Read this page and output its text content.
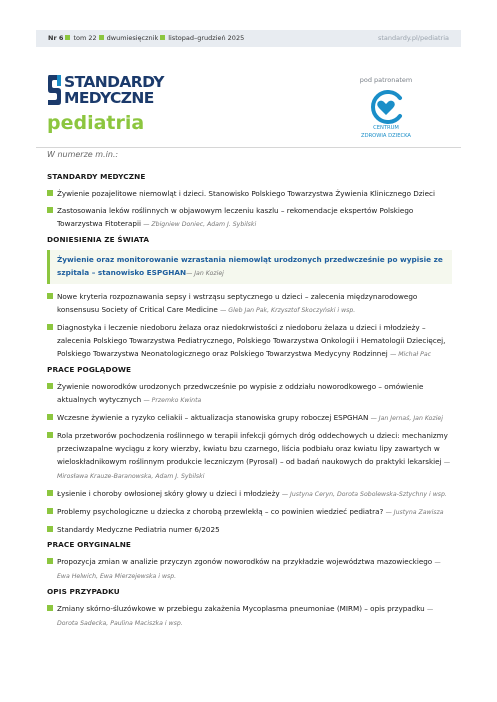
Nr 6 tom 22 dwumiesięcznik listopad–grudzień 2025	standardy.pl/pediatria
STANDARDY
MEDYCZNE
pediatria
pod patronatem
CENTRUM
ZDROWIA DZIECKA
W numerze m.in.:
STANDARDY MEDYCZNE
Żywienie pozajelitowe niemowląt i dzieci. Stanowisko Polskiego Towarzystwa Żywienia Klinicznego Dzieci
Zastosowania leków roślinnych w objawowym leczeniu kaszlu – rekomendacje ekspertów Polskiego Towarzystwa Fitoterapii — Zbigniew Doniec, Adam J. Sybilski
DONIESIENIA ZE ŚWIATA
Żywienie oraz monitorowanie wzrastania niemowląt urodzonych przedwcześnie po wypisie ze szpitala – stanowisko ESPGHAN— Jan Koziej
Nowe kryteria rozpoznawania sepsy i wstrząsu septycznego u dzieci – zalecenia międzynarodowego konsensusu Society of Critical Care Medicine — Gleb Jan Pak, Krzysztof Skoczyński i wsp.
Diagnostyka i leczenie niedoboru żelaza oraz niedokrwistości z niedoboru żelaza u dzieci i młodzieży – zalecenia Polskiego Towarzystwa Pediatrycznego, Polskiego Towarzystwa Onkologii i Hematologii Dziecięcej, Polskiego Towarzystwa Neonatologicznego oraz Polskiego Towarzystwa Medycyny Rodzinnej — Michał Pac
PRACE POGLĄDOWE
Żywienie noworodków urodzonych przedwcześnie po wypisie z oddziału noworodkowego – omówienie aktualnych wytycznych — Przemko Kwinta
Wczesne żywienie a ryzyko celiakii – aktualizacja stanowiska grupy roboczej ESPGHAN — Jan Jernaś, Jan Koziej
Rola przetworów pochodzenia roślinnego w terapii infekcji górnych dróg oddechowych u dzieci: mechanizmy przeciwzapalne wyciągu z kory wierzby, kwiatu bzu czarnego, liścia podbiału oraz kwiatu lipy zawartych w wieloskładnikowym roślinnym produkcie leczniczym (Pyrosal) – od badań naukowych do praktyki lekarskiej — Mirosława Krauze-Baranowska, Adam J. Sybilski
Łysienie i choroby owłosionej skóry głowy u dzieci i młodzieży — Justyna Ceryn, Dorota Sobolewska-Sztychny i wsp.
Problemy psychologiczne u dziecka z chorobą przewlekłą – co powinien wiedzieć pediatra? — Justyna Zawisza
Standardy Medyczne Pediatria numer 6/2025
PRACE ORYGINALNE
Propozycja zmian w analizie przyczyn zgonów noworodków na przykładzie województwa mazowieckiego — Ewa Helwich, Ewa Mierzejewska i wsp.
OPIS PRZYPADKU
Zmiany skórno-śluzówkowe w przebiegu zakażenia Mycoplasma pneumoniae (MIRM) – opis przypadku — Dorota Sadecka, Paulina Maciszka i wsp.
